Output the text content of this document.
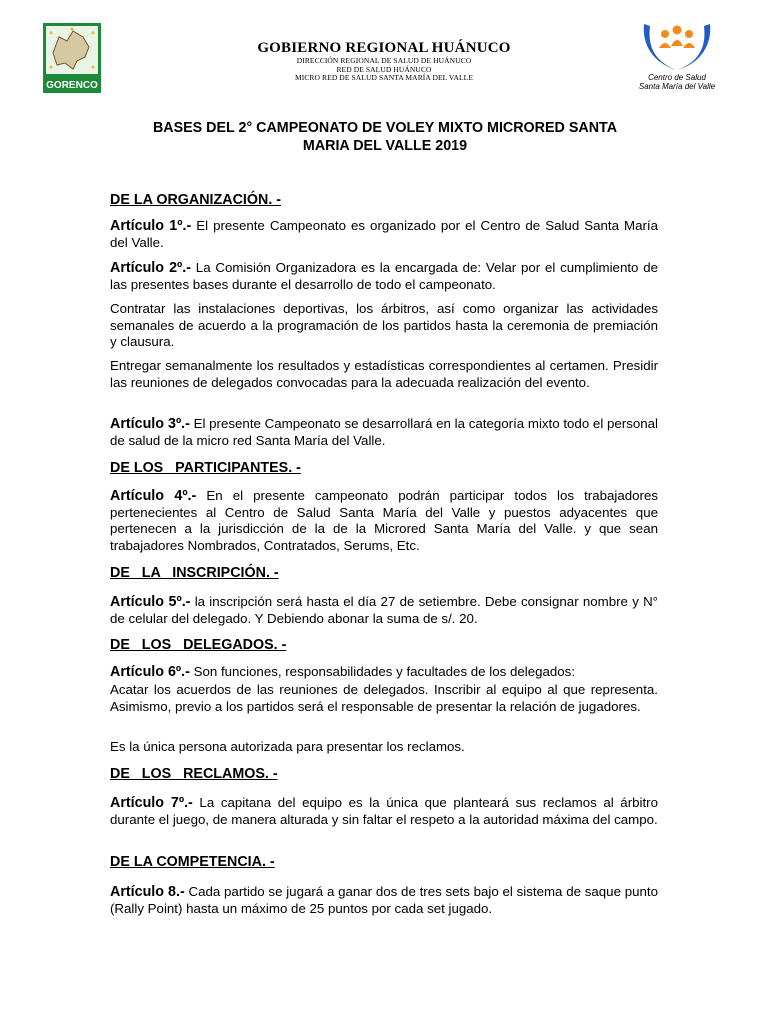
GORENCO
GOBIERNO REGIONAL HUÁNUCO
DIRECCIÓN REGIONAL DE SALUD DE HUÁNUCO
RED DE SALUD HUÁNUCO
MICRO RED DE SALUD SANTA MARÍA DEL VALLE	Centro de Salud
Santa María del Valle
BASES DEL 2° CAMPEONATO DE VOLEY MIXTO MICRORED SANTA
MARIA DEL VALLE 2019
DE LA ORGANIZACIÓN. -

Artículo 1º.- El presente Campeonato es organizado por el Centro de Salud Santa María del Valle.

Artículo 2º.- La Comisión Organizadora es la encargada de: Velar por el cumplimiento de las presentes bases durante el desarrollo de todo el campeonato.

Contratar las instalaciones deportivas, los árbitros, así como organizar las actividades semanales de acuerdo a la programación de los partidos hasta la ceremonia de premiación y clausura.

Entregar semanalmente los resultados y estadísticas correspondientes al certamen. Presidir las reuniones de delegados convocadas para la adecuada realización del evento.

Artículo 3º.- El presente Campeonato se desarrollará en la categoría mixto todo el personal de salud de la micro red Santa María del Valle.

DE LOS   PARTICIPANTES. -

Artículo 4º.- En el presente campeonato podrán participar todos los trabajadores pertenecientes al Centro de Salud Santa María del Valle y puestos adyacentes que pertenecen a la jurisdicción de la de la Microred Santa María del Valle. y que sean trabajadores Nombrados, Contratados, Serums, Etc.

DE   LA   INSCRIPCIÓN. -

Artículo 5º.- la inscripción será hasta el día 27 de setiembre. Debe consignar nombre y N° de celular del delegado. Y Debiendo abonar la suma de s/. 20.

DE   LOS   DELEGADOS. -

Artículo 6º.- Son funciones, responsabilidades y facultades de los delegados:

Acatar los acuerdos de las reuniones de delegados. Inscribir al equipo al que representa. Asimismo, previo a los partidos será el responsable de presentar la relación de jugadores.

Es la única persona autorizada para presentar los reclamos.

DE   LOS   RECLAMOS. -

Artículo 7º.- La capitana del equipo es la única que planteará sus reclamos al árbitro durante el juego, de manera alturada y sin faltar el respeto a la autoridad máxima del campo.

DE LA COMPETENCIA. -

Artículo 8.- Cada partido se jugará a ganar dos de tres sets bajo el sistema de saque punto (Rally Point) hasta un máximo de 25 puntos por cada set jugado.
